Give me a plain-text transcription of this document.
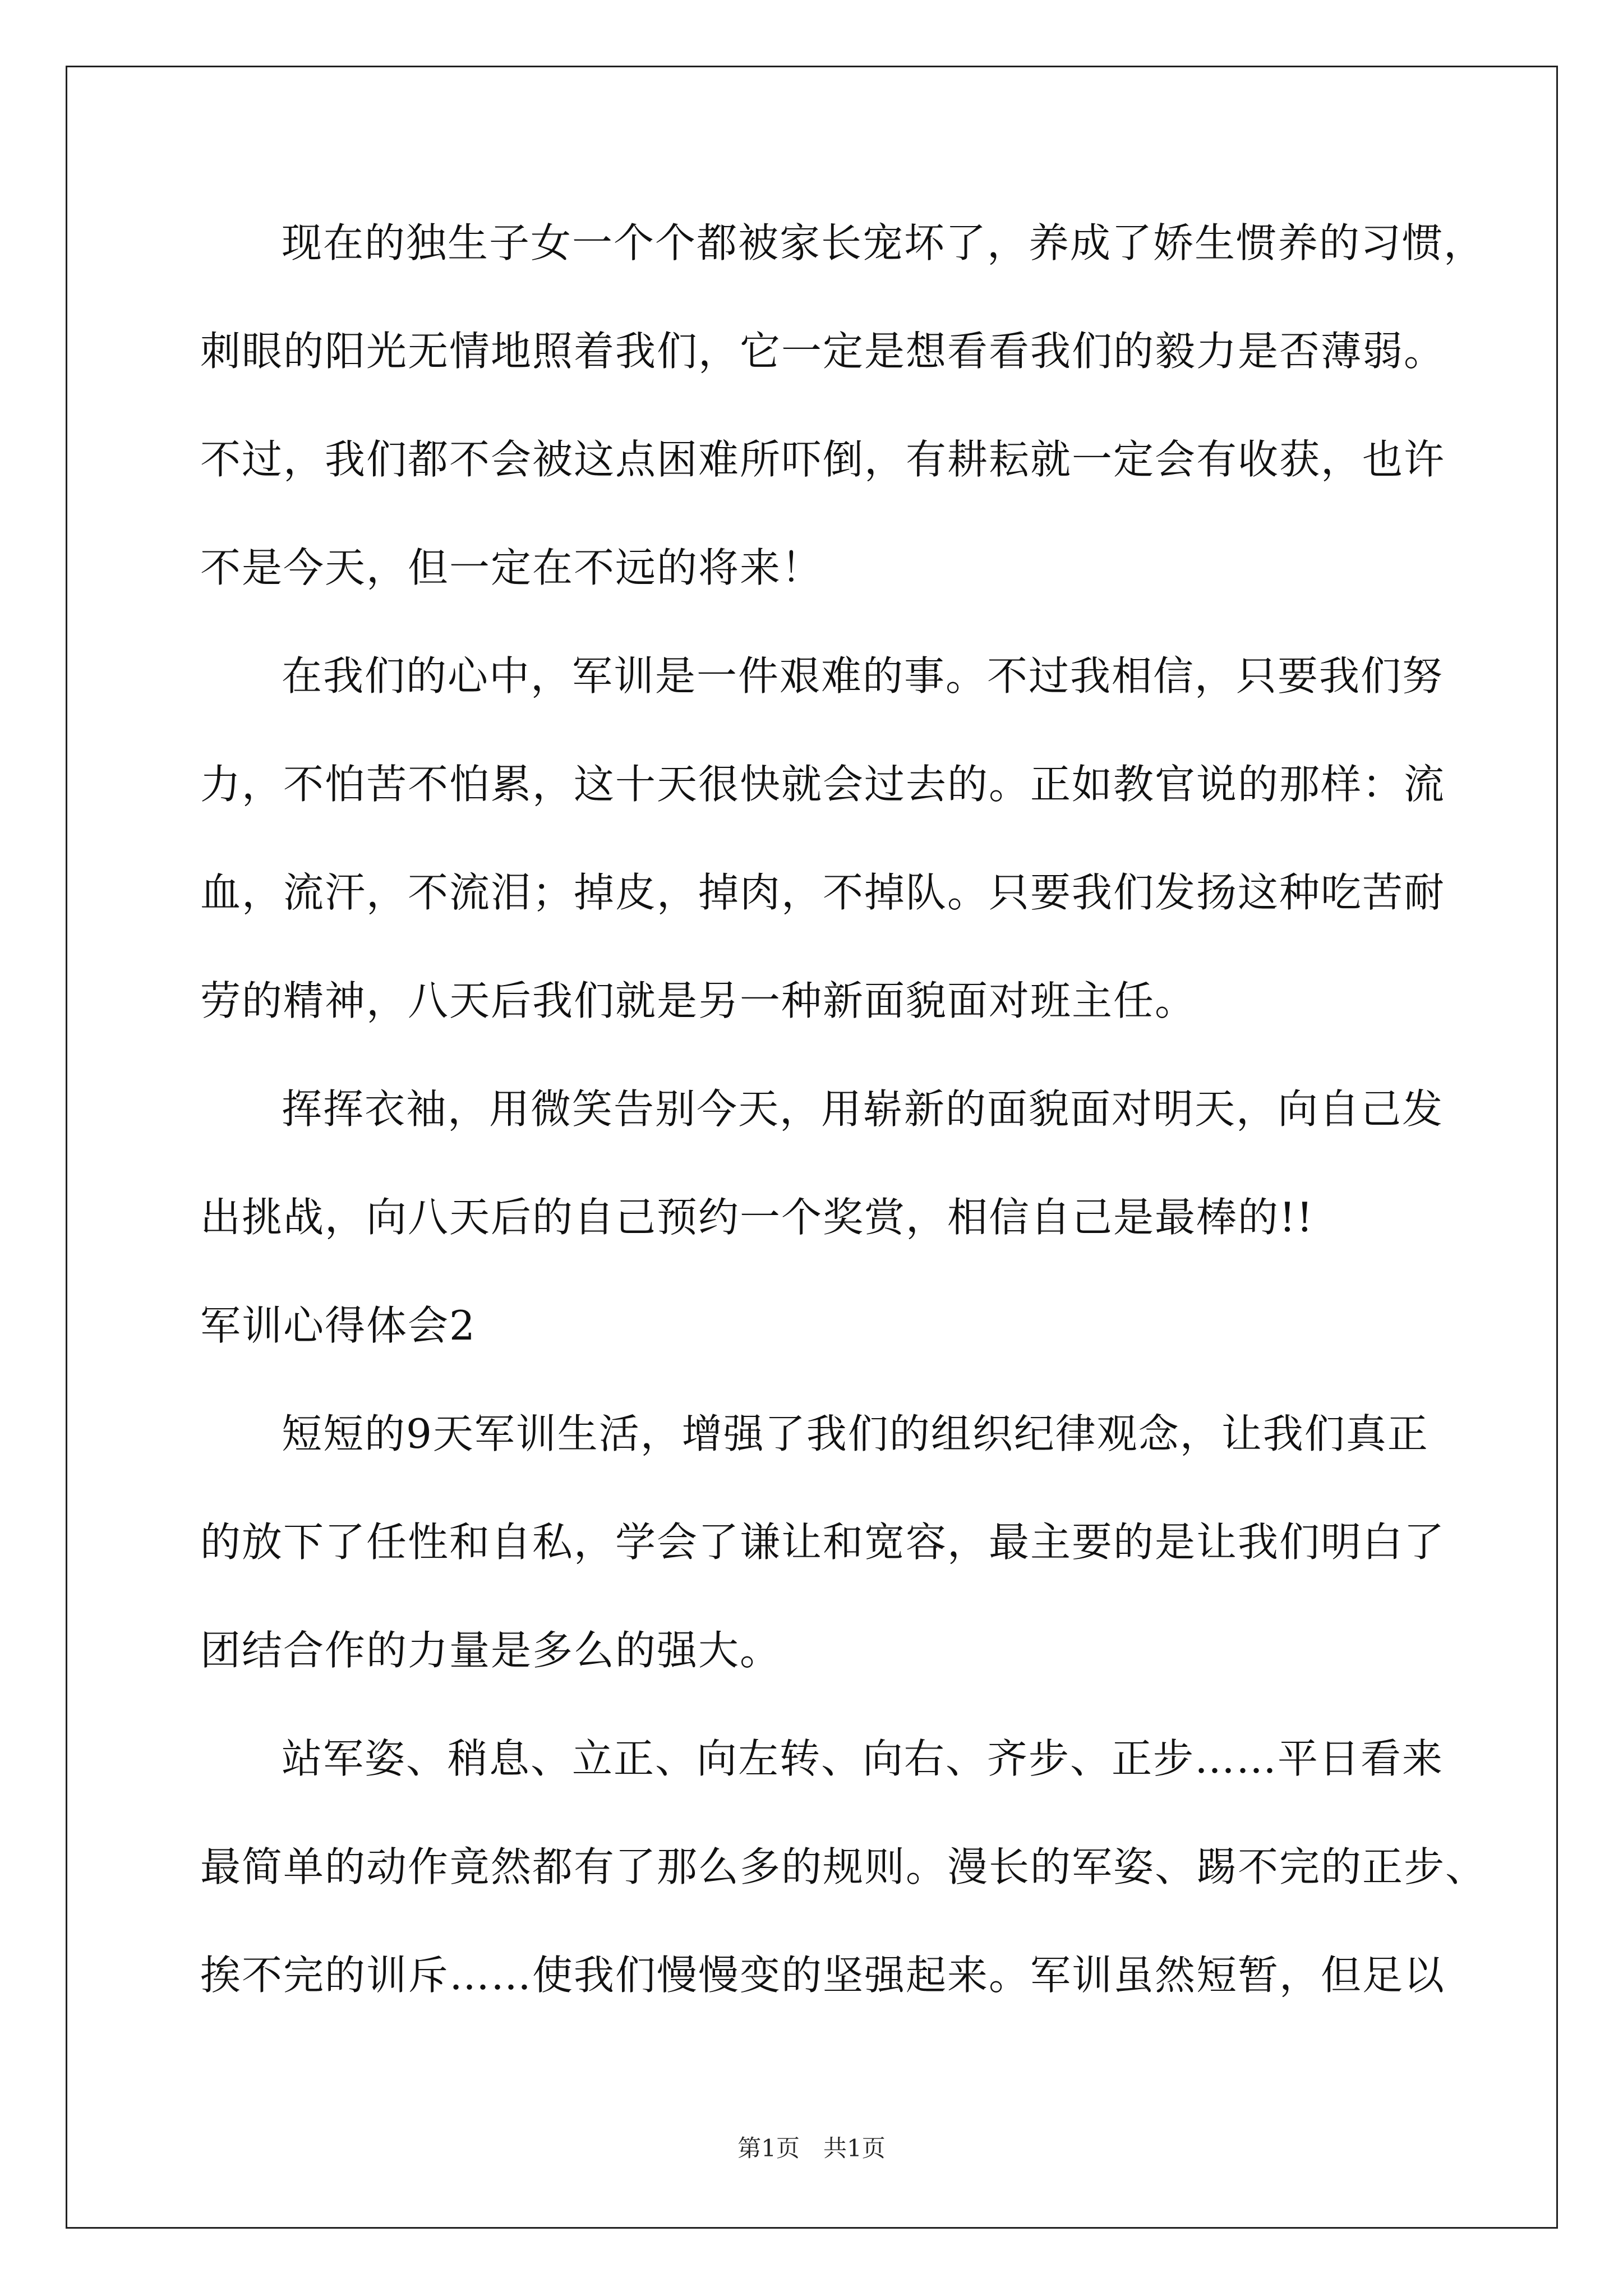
现在的独生子女一个个都被家长宠坏了，养成了娇生惯养的习惯，
刺眼的阳光无情地照着我们，它一定是想看看我们的毅力是否薄弱。
不过，我们都不会被这点困难所吓倒，有耕耘就一定会有收获，也许
不是今天，但一定在不远的将来！
在我们的心中，军训是一件艰难的事。不过我相信，只要我们努
力，不怕苦不怕累，这十天很快就会过去的。正如教官说的那样：流
血，流汗，不流泪；掉皮，掉肉，不掉队。只要我们发扬这种吃苦耐
劳的精神，八天后我们就是另一种新面貌面对班主任。
挥挥衣袖，用微笑告别今天，用崭新的面貌面对明天，向自己发
出挑战，向八天后的自己预约一个奖赏，相信自己是最棒的!!
军训心得体会2
短短的9天军训生活，增强了我们的组织纪律观念，让我们真正
的放下了任性和自私，学会了谦让和宽容，最主要的是让我们明白了
团结合作的力量是多么的强大。
站军姿、稍息、立正、向左转、向右、齐步、正步……平日看来
最简单的动作竟然都有了那么多的规则。漫长的军姿、踢不完的正步、
挨不完的训斥……使我们慢慢变的坚强起来。军训虽然短暂，但足以
第1页　共1页
